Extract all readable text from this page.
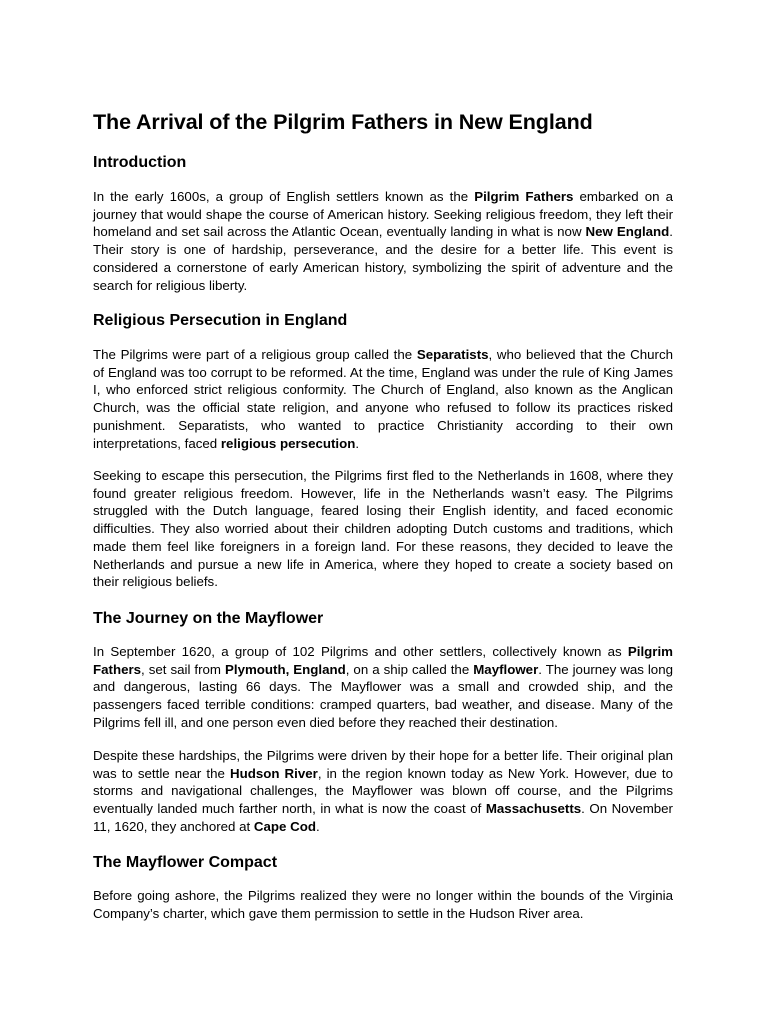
The Arrival of the Pilgrim Fathers in New England
Introduction

In the early 1600s, a group of English settlers known as the Pilgrim Fathers embarked on a journey that would shape the course of American history. Seeking religious freedom, they left their homeland and set sail across the Atlantic Ocean, eventually landing in what is now New England. Their story is one of hardship, perseverance, and the desire for a better life. This event is considered a cornerstone of early American history, symbolizing the spirit of adventure and the search for religious liberty.

Religious Persecution in England

The Pilgrims were part of a religious group called the Separatists, who believed that the Church of England was too corrupt to be reformed. At the time, England was under the rule of King James I, who enforced strict religious conformity. The Church of England, also known as the Anglican Church, was the official state religion, and anyone who refused to follow its practices risked punishment. Separatists, who wanted to practice Christianity according to their own interpretations, faced religious persecution.

Seeking to escape this persecution, the Pilgrims first fled to the Netherlands in 1608, where they found greater religious freedom. However, life in the Netherlands wasn’t easy. The Pilgrims struggled with the Dutch language, feared losing their English identity, and faced economic difficulties. They also worried about their children adopting Dutch customs and traditions, which made them feel like foreigners in a foreign land. For these reasons, they decided to leave the Netherlands and pursue a new life in America, where they hoped to create a society based on their religious beliefs.

The Journey on the Mayflower

In September 1620, a group of 102 Pilgrims and other settlers, collectively known as Pilgrim Fathers, set sail from Plymouth, England, on a ship called the Mayflower. The journey was long and dangerous, lasting 66 days. The Mayflower was a small and crowded ship, and the passengers faced terrible conditions: cramped quarters, bad weather, and disease. Many of the Pilgrims fell ill, and one person even died before they reached their destination.

Despite these hardships, the Pilgrims were driven by their hope for a better life. Their original plan was to settle near the Hudson River, in the region known today as New York. However, due to storms and navigational challenges, the Mayflower was blown off course, and the Pilgrims eventually landed much farther north, in what is now the coast of Massachusetts. On November 11, 1620, they anchored at Cape Cod.

The Mayflower Compact

Before going ashore, the Pilgrims realized they were no longer within the bounds of the Virginia Company’s charter, which gave them permission to settle in the Hudson River area.
